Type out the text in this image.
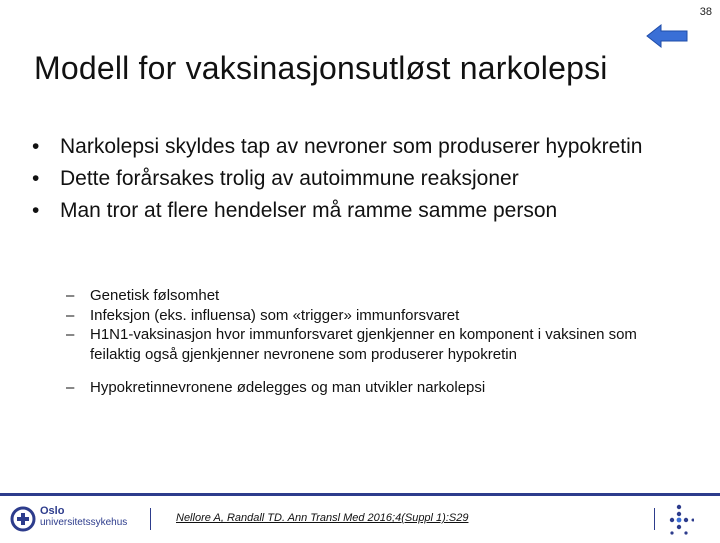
38
Modell for vaksinasjonsutløst narkolepsi
• Narkolepsi skyldes tap av nevroner som produserer hypokretin
• Dette forårsakes trolig av autoimmune reaksjoner
• Man tror at flere hendelser må ramme samme person
– Genetisk følsomhet
– Infeksjon (eks. influensa) som «trigger» immunforsvaret
– H1N1-vaksinasjon hvor immunforsvaret gjenkjenner en komponent i vaksinen som feilaktig også gjenkjenner nevronene som produserer hypokretin
– Hypokretinnevronene ødelegges og man utvikler narkolepsi
Oslo
universitetssykehus	Nellore A, Randall TD. Ann Transl Med 2016;4(Suppl 1):S29
